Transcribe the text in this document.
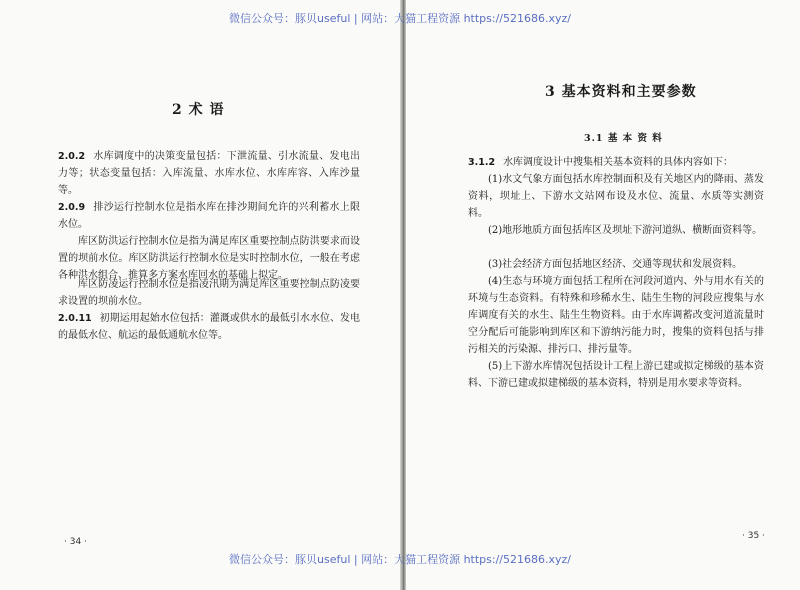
微信公众号：豚贝useful | 网站：大猫工程资源 https://521686.xyz/
微信公众号：豚贝useful | 网站：大猫工程资源 https://521686.xyz/
2 术 语

2.0.2 水库调度中的决策变量包括：下泄流量、引水流量、发电出力等；状态变量包括：入库流量、水库水位、水库库容、入库沙量等。

2.0.9 排沙运行控制水位是指水库在排沙期间允许的兴利蓄水上限水位。

库区防洪运行控制水位是指为满足库区重要控制点防洪要求而设置的坝前水位。库区防洪运行控制水位是实时控制水位，一般在考虑各种洪水组合、推算多方案水库回水的基础上拟定。

库区防凌运行控制水位是指凌汛期为满足库区重要控制点防凌要求设置的坝前水位。

2.0.11 初期运用起始水位包括：灌溉或供水的最低引水水位、发电的最低水位、航运的最低通航水位等。

· 34 ·
3 基本资料和主要参数
3.1 基 本 资 料

3.1.2 水库调度设计中搜集相关基本资料的具体内容如下：

(1)水文气象方面包括水库控制面积及有关地区内的降雨、蒸发资料，坝址上、下游水文站网布设及水位、流量、水质等实测资料。

(2)地形地质方面包括库区及坝址下游河道纵、横断面资料等。

(3)社会经济方面包括地区经济、交通等现状和发展资料。

(4)生态与环境方面包括工程所在河段河道内、外与用水有关的环境与生态资料。有特殊和珍稀水生、陆生生物的河段应搜集与水库调度有关的水生、陆生生物资料。由于水库调蓄改变河道流量时空分配后可能影响到库区和下游纳污能力时，搜集的资料包括与排污相关的污染源、排污口、排污量等。

(5)上下游水库情况包括设计工程上游已建或拟定梯级的基本资料、下游已建或拟建梯级的基本资料，特别是用水要求等资料。

· 35 ·
